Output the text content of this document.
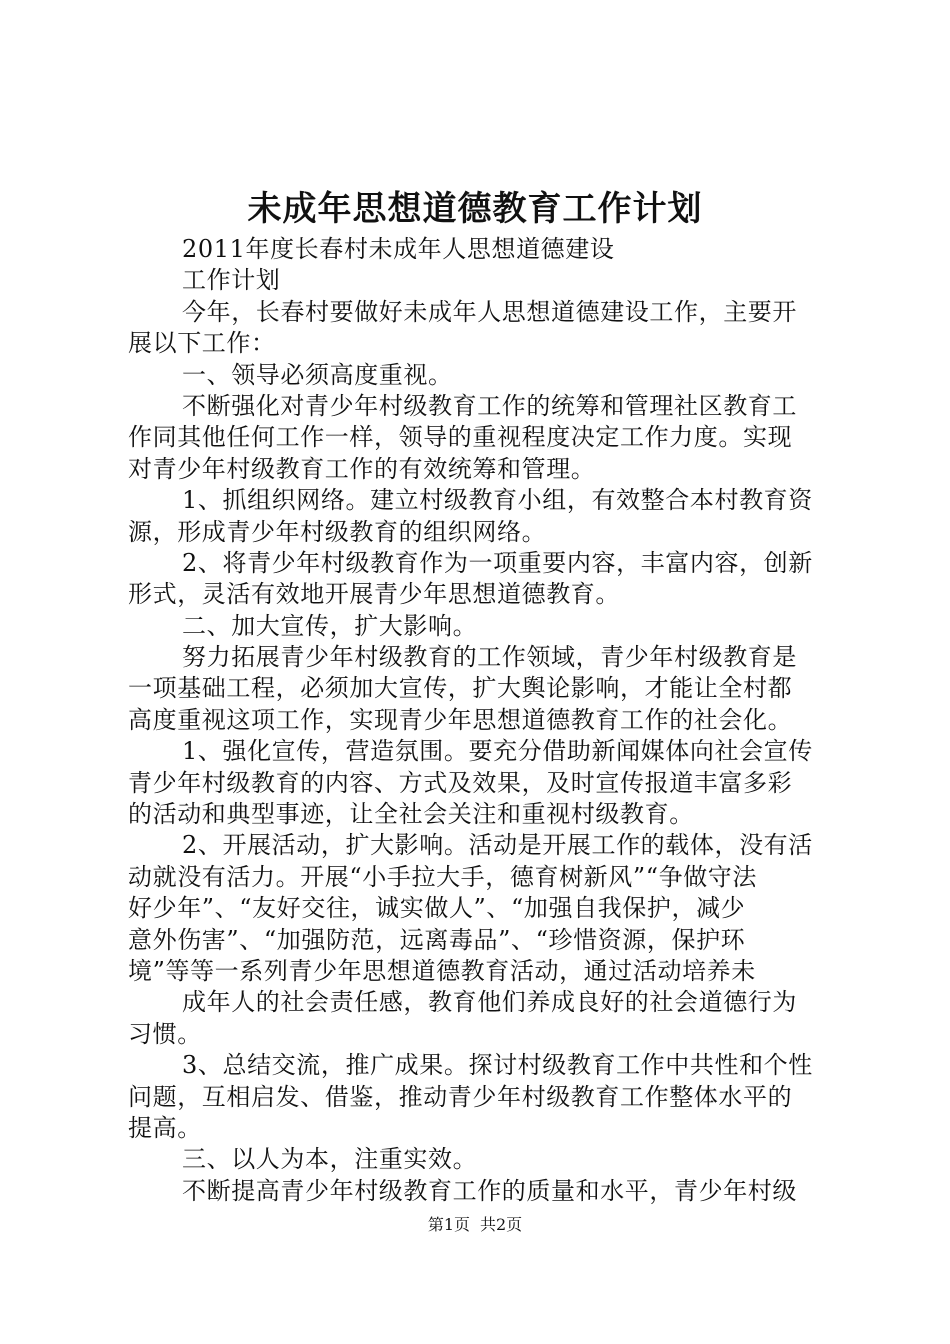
未成年思想道德教育工作计划
2011年度长春村未成年人思想道德建设
工作计划
今年，长春村要做好未成年人思想道德建设工作，主要开
展以下工作：
一、领导必须高度重视。
不断强化对青少年村级教育工作的统筹和管理社区教育工
作同其他任何工作一样，领导的重视程度决定工作力度。实现
对青少年村级教育工作的有效统筹和管理。
1、抓组织网络。建立村级教育小组，有效整合本村教育资
源，形成青少年村级教育的组织网络。
2、将青少年村级教育作为一项重要内容，丰富内容，创新
形式，灵活有效地开展青少年思想道德教育。
二、加大宣传，扩大影响。
努力拓展青少年村级教育的工作领域，青少年村级教育是
一项基础工程，必须加大宣传，扩大舆论影响，才能让全村都
高度重视这项工作，实现青少年思想道德教育工作的社会化。
1、强化宣传，营造氛围。要充分借助新闻媒体向社会宣传
青少年村级教育的内容、方式及效果，及时宣传报道丰富多彩
的活动和典型事迹，让全社会关注和重视村级教育。
2、开展活动，扩大影响。活动是开展工作的载体，没有活
动就没有活力。开展“小手拉大手，德育树新风”“争做守法
好少年”、“友好交往，诚实做人”、“加强自我保护，减少
意外伤害”、“加强防范，远离毒品”、“珍惜资源，保护环
境”等等一系列青少年思想道德教育活动，通过活动培养未
成年人的社会责任感，教育他们养成良好的社会道德行为
习惯。
3、总结交流，推广成果。探讨村级教育工作中共性和个性
问题，互相启发、借鉴，推动青少年村级教育工作整体水平的
提高。
三、以人为本，注重实效。
不断提高青少年村级教育工作的质量和水平，青少年村级
第1页 共2页
